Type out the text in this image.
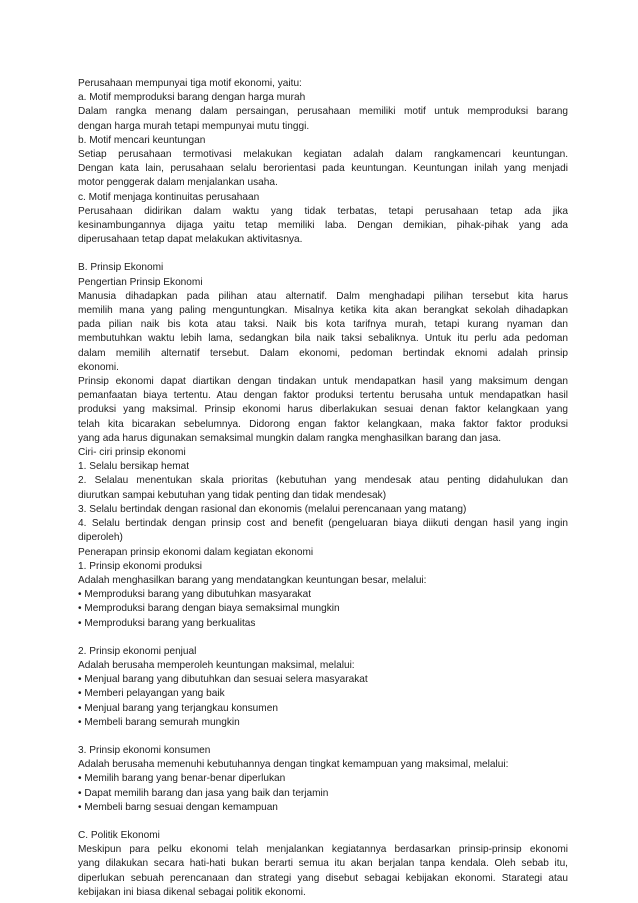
Perusahaan mempunyai tiga motif ekonomi, yaitu:
a. Motif memproduksi barang dengan harga murah
Dalam rangka menang dalam persaingan, perusahaan memiliki motif untuk memproduksi barang
dengan harga murah tetapi mempunyai mutu tinggi.
b. Motif mencari keuntungan
Setiap perusahaan termotivasi melakukan kegiatan adalah dalam rangkamencari keuntungan.
Dengan kata lain, perusahaan selalu berorientasi pada keuntungan. Keuntungan inilah yang menjadi
motor penggerak dalam menjalankan usaha.
c. Motif menjaga kontinuitas perusahaan
Perusahaan didirikan dalam waktu yang tidak terbatas, tetapi perusahaan tetap ada jika
kesinambungannya dijaga yaitu tetap memiliki laba. Dengan demikian, pihak-pihak yang ada
diperusahaan tetap dapat melakukan aktivitasnya.
B. Prinsip Ekonomi
Pengertian Prinsip Ekonomi
Manusia dihadapkan pada pilihan atau alternatif. Dalm menghadapi pilihan tersebut kita harus
memilih mana yang paling menguntungkan. Misalnya ketika kita akan berangkat sekolah dihadapkan
pada pilian naik bis kota atau taksi. Naik bis kota tarifnya murah, tetapi kurang nyaman dan
membutuhkan waktu lebih lama, sedangkan bila naik taksi sebaliknya. Untuk itu perlu ada pedoman
dalam memilih alternatif tersebut. Dalam ekonomi, pedoman bertindak eknomi adalah prinsip
ekonomi.
Prinsip ekonomi dapat diartikan dengan tindakan untuk mendapatkan hasil yang maksimum dengan
pemanfaatan biaya tertentu. Atau dengan faktor produksi tertentu berusaha untuk mendapatkan hasil
produksi yang maksimal. Prinsip ekonomi harus diberlakukan sesuai denan faktor kelangkaan yang
telah kita bicarakan sebelumnya. Didorong engan faktor kelangkaan, maka faktor faktor produksi
yang ada harus digunakan semaksimal mungkin dalam rangka menghasilkan barang dan jasa.
Ciri- ciri prinsip ekonomi
1. Selalu bersikap hemat
2. Selalau menentukan skala prioritas (kebutuhan yang mendesak atau penting didahulukan dan
diurutkan sampai kebutuhan yang tidak penting dan tidak mendesak)
3. Selalu bertindak dengan rasional dan ekonomis (melalui perencanaan yang matang)
4. Selalu bertindak dengan prinsip cost and benefit (pengeluaran biaya diikuti dengan hasil yang ingin
diperoleh)
Penerapan prinsip ekonomi dalam kegiatan ekonomi
1. Prinsip ekonomi produksi
Adalah menghasilkan barang yang mendatangkan keuntungan besar, melalui:
• Memproduksi barang yang dibutuhkan masyarakat
• Memproduksi barang dengan biaya semaksimal mungkin
• Memproduksi barang yang berkualitas
2. Prinsip ekonomi penjual
Adalah berusaha memperoleh keuntungan maksimal, melalui:
• Menjual barang yang dibutuhkan dan sesuai selera masyarakat
• Memberi pelayangan yang baik
• Menjual barang yang terjangkau konsumen
• Membeli barang semurah mungkin
3. Prinsip ekonomi konsumen
Adalah berusaha memenuhi kebutuhannya dengan tingkat kemampuan yang maksimal, melalui:
• Memilih barang yang benar-benar diperlukan
• Dapat memilih barang dan jasa yang baik dan terjamin
• Membeli barng sesuai dengan kemampuan
C. Politik Ekonomi
Meskipun para pelku ekonomi telah menjalankan kegiatannya berdasarkan prinsip-prinsip ekonomi
yang dilakukan secara hati-hati bukan berarti semua itu akan berjalan tanpa kendala. Oleh sebab itu,
diperlukan sebuah perencanaan dan strategi yang disebut sebagai kebijakan ekonomi. Starategi atau
kebijakan ini biasa dikenal sebagai politik ekonomi.
